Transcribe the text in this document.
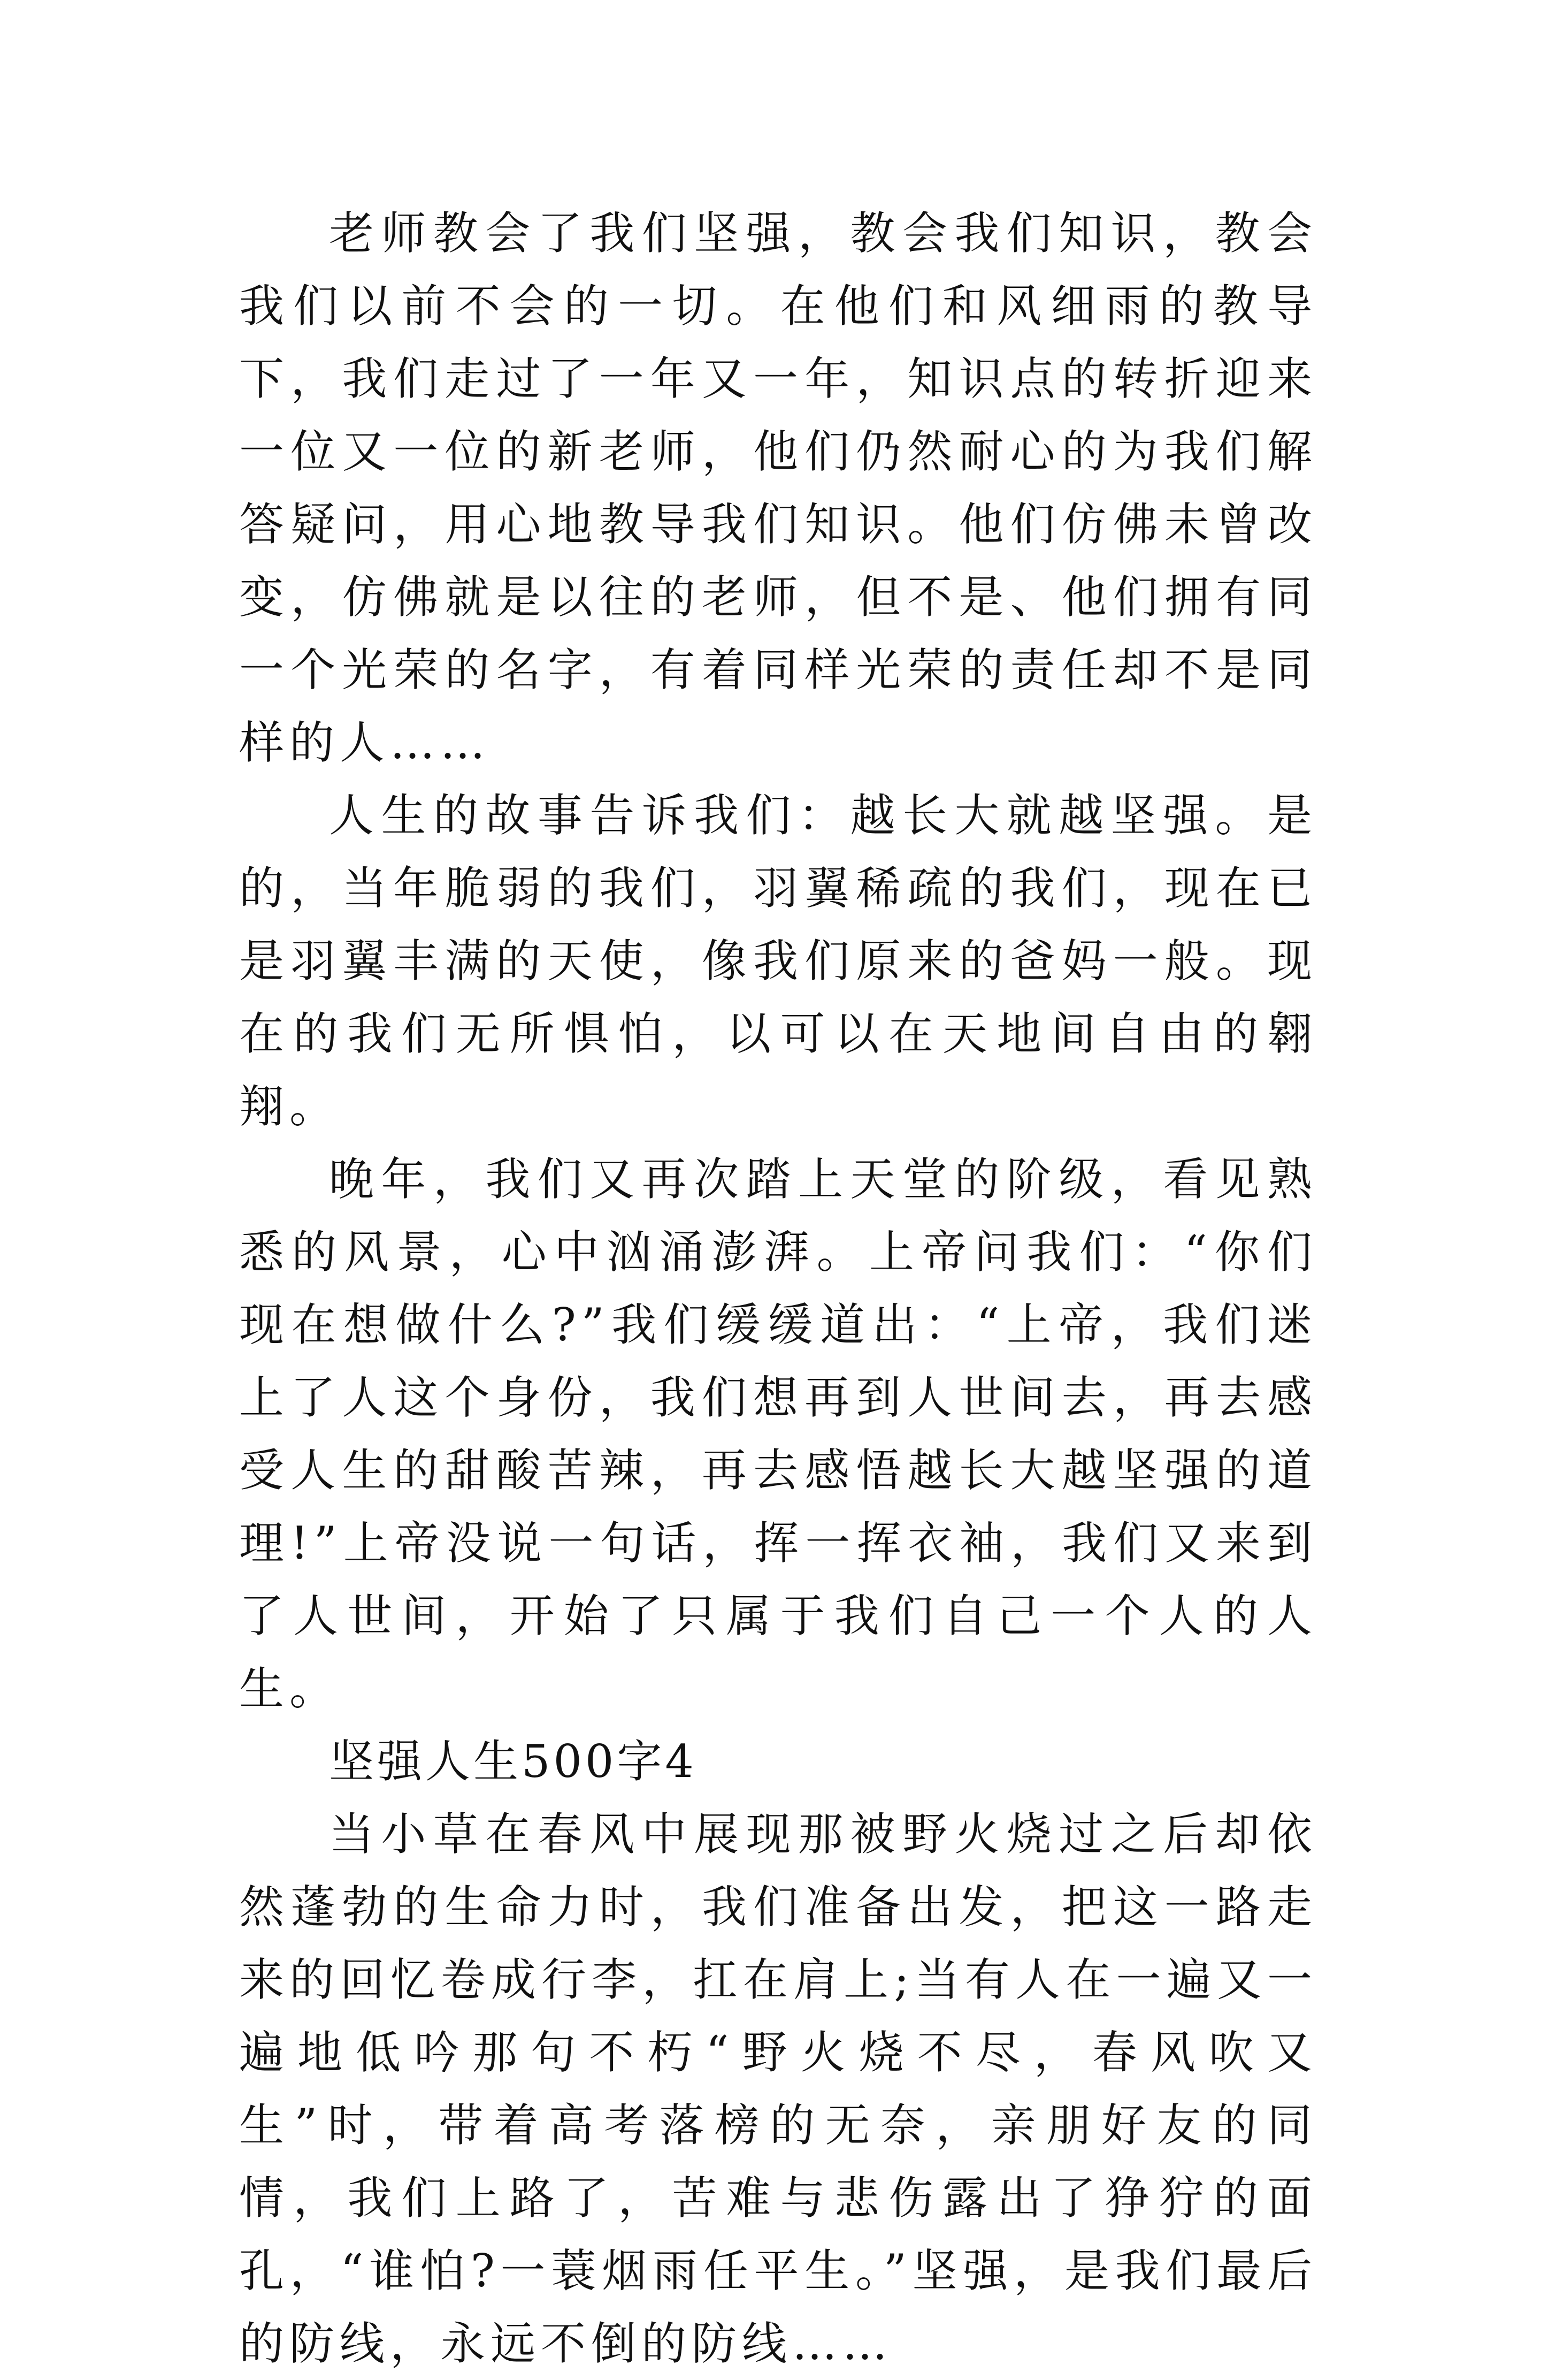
老师教会了我们坚强，教会我们知识，教会我们以前不会的一切。在他们和风细雨的教导下，我们走过了一年又一年，知识点的转折迎来一位又一位的新老师，他们仍然耐心的为我们解答疑问，用心地教导我们知识。他们仿佛未曾改变，仿佛就是以往的老师，但不是、他们拥有同一个光荣的名字，有着同样光荣的责任却不是同样的人……

人生的故事告诉我们：越长大就越坚强。是的，当年脆弱的我们，羽翼稀疏的我们，现在已是羽翼丰满的天使，像我们原来的爸妈一般。现在的我们无所惧怕，以可以在天地间自由的翱翔。

晚年，我们又再次踏上天堂的阶级，看见熟悉的风景，心中汹涌澎湃。上帝问我们：“你们现在想做什么?”我们缓缓道出：“上帝，我们迷上了人这个身份，我们想再到人世间去，再去感受人生的甜酸苦辣，再去感悟越长大越坚强的道理!”上帝没说一句话，挥一挥衣袖，我们又来到了人世间，开始了只属于我们自己一个人的人生。

坚强人生500字4

当小草在春风中展现那被野火烧过之后却依然蓬勃的生命力时，我们准备出发，把这一路走来的回忆卷成行李，扛在肩上;当有人在一遍又一遍地低吟那句不朽“野火烧不尽，春风吹又生”时，带着高考落榜的无奈，亲朋好友的同情，我们上路了，苦难与悲伤露出了狰狞的面孔，“谁怕?一蓑烟雨任平生。”坚强，是我们最后的防线，永远不倒的防线……
